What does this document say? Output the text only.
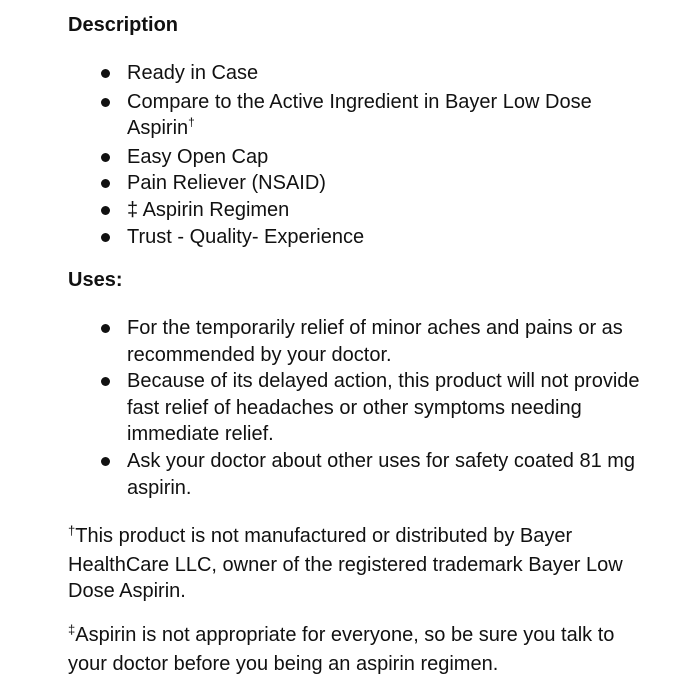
Description
Ready in Case
Compare to the Active Ingredient in Bayer Low Dose Aspirin†
Easy Open Cap
Pain Reliever (NSAID)
‡ Aspirin Regimen
Trust - Quality- Experience
Uses:
For the temporarily relief of minor aches and pains or as recommended by your doctor.
Because of its delayed action, this product will not provide fast relief of headaches or other symptoms needing immediate relief.
Ask your doctor about other uses for safety coated 81 mg aspirin.

†This product is not manufactured or distributed by Bayer HealthCare LLC, owner of the registered trademark Bayer Low Dose Aspirin.

‡Aspirin is not appropriate for everyone, so be sure you talk to your doctor before you being an aspirin regimen.
